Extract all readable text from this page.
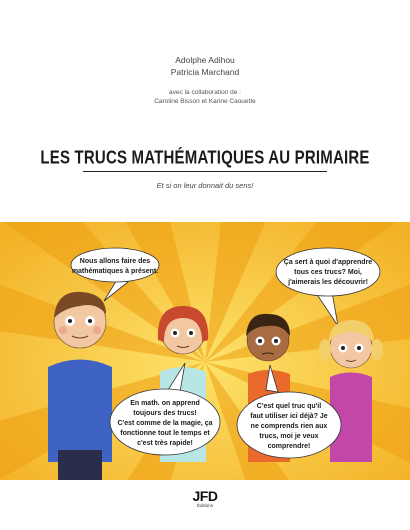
Adolphe Adihou
Patricia Marchand
avec la collaboration de :
Caroline Bisson et Karine Caouette
LES TRUCS MATHÉMATIQUES AU PRIMAIRE
Et si on leur donnait du sens!
Nous allons faire des
mathématiques à présent.
Ça sert à quoi d'apprendre
tous ces trucs? Moi,
j'aimerais les découvrir!
En math. on apprend
toujours des trucs!
C'est comme de la magie, ça
fonctionne tout le temps et
c'est très rapide!
C'est quel truc qu'il
faut utiliser ici déjà? Je
ne comprends rien aux
trucs, moi je veux
comprendre!
JFD
Éditions
